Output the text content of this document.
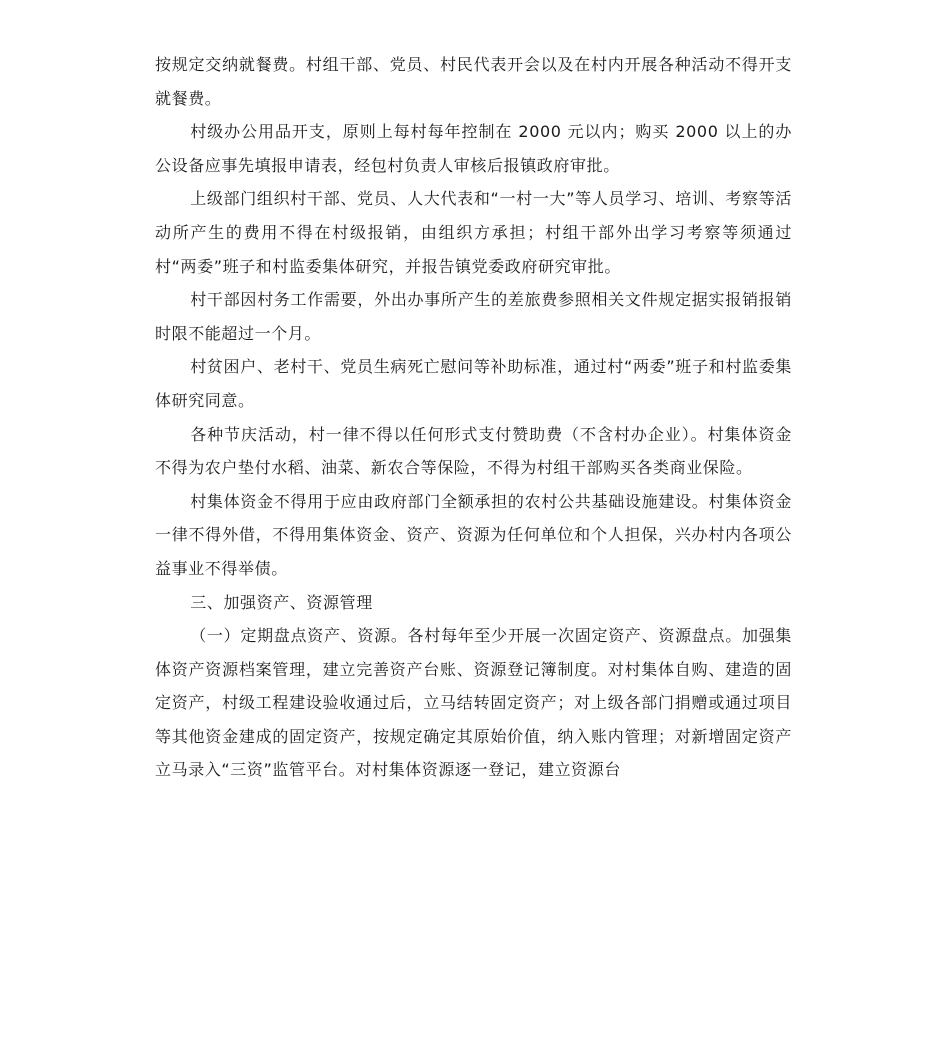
按规定交纳就餐费。村组干部、党员、村民代表开会以及在村内开展各种活动不得开支就餐费。

村级办公用品开支，原则上每村每年控制在 2000 元以内；购买 2000 以上的办公设备应事先填报申请表，经包村负责人审核后报镇政府审批。

上级部门组织村干部、党员、人大代表和“一村一大”等人员学习、培训、考察等活动所产生的费用不得在村级报销，由组织方承担；村组干部外出学习考察等须通过村“两委”班子和村监委集体研究，并报告镇党委政府研究审批。

村干部因村务工作需要，外出办事所产生的差旅费参照相关文件规定据实报销报销时限不能超过一个月。

村贫困户、老村干、党员生病死亡慰问等补助标准，通过村“两委”班子和村监委集体研究同意。

各种节庆活动，村一律不得以任何形式支付赞助费（不含村办企业）。村集体资金不得为农户垫付水稻、油菜、新农合等保险，不得为村组干部购买各类商业保险。

村集体资金不得用于应由政府部门全额承担的农村公共基础设施建设。村集体资金一律不得外借，不得用集体资金、资产、资源为任何单位和个人担保，兴办村内各项公益事业不得举债。

三、加强资产、资源管理

（一）定期盘点资产、资源。各村每年至少开展一次固定资产、资源盘点。加强集体资产资源档案管理，建立完善资产台账、资源登记簿制度。对村集体自购、建造的固定资产，村级工程建设验收通过后，立马结转固定资产；对上级各部门捐赠或通过项目等其他资金建成的固定资产，按规定确定其原始价值，纳入账内管理；对新增固定资产立马录入“三资”监管平台。对村集体资源逐一登记，建立资源台
